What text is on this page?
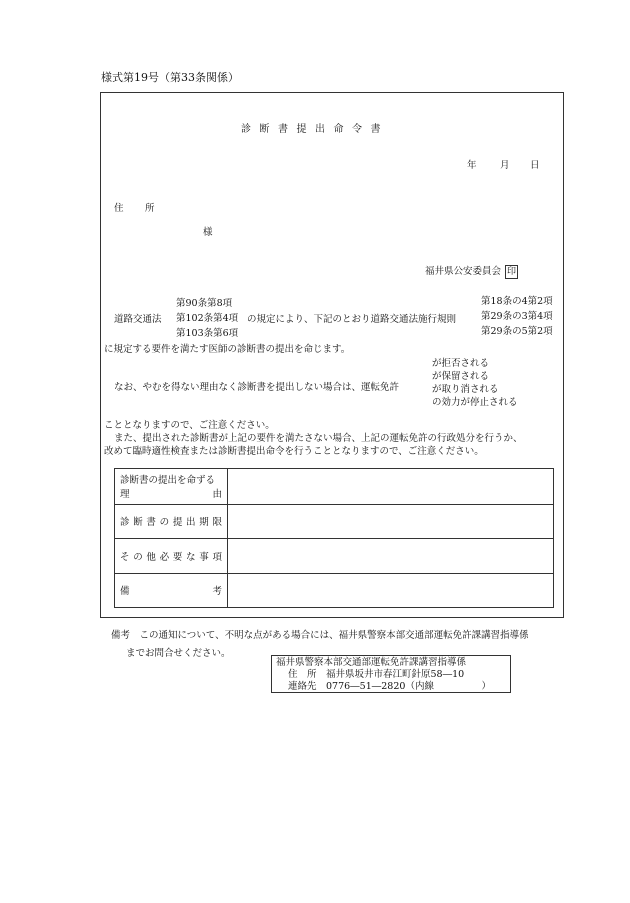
様式第19号（第33条関係）
診断書提出命令書
年 月 日
住　所
様
福井県公安委員会 印
道路交通法
第90条第8項
第102条第4項
第103条第6項
の規定により、下記のとおり道路交通法施行規則
第18条の4第2項
第29条の3第4項
第29条の5第2項
に規定する要件を満たす医師の診断書の提出を命じます。
なお、やむを得ない理由なく診断書を提出しない場合は、運転免許
が拒否される
が保留される
が取り消される
の効力が停止される
こととなりますので、ご注意ください。
また、提出された診断書が上記の要件を満たさない場合、上記の運転免許の行政処分を行うか、
改めて臨時適性検査または診断書提出命令を行うこととなりますので、ご注意ください。
診断書の提出を命ずる
理	由
診断書の提出期限
その他必要な事項
備	考
備考　この通知について、不明な点がある場合には、福井県警察本部交通部運転免許課講習指導係
までお問合せください。
福井県警察本部交通部運転免許課講習指導係
住　所　福井県坂井市春江町針原58―10
連絡先　0776―51―2820（内線　　　　　）
